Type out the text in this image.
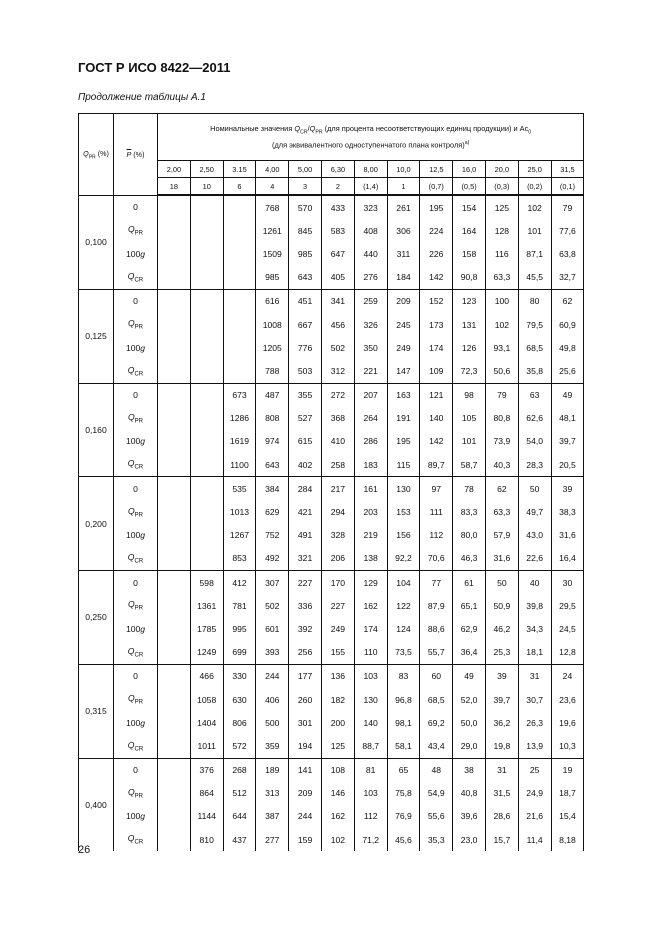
ГОСТ Р ИСО 8422—2011
Продолжение таблицы А.1
$Q_{PR}$ (%)	$\overline{P}$ (%)	Номинальные значения $Q_{CR}/Q_{PR}$ (для процента несоответствующих единиц продукции) и $Ac_0$
(для эквивалентного одноступенчатого плана контроля)$^{а)}$
		2,00	2,50	3.15	4,00	5,00	6,30	8,00	10,0	12,5	16,0	20,0	25,0	31,5
		18	10	6	4	3	2	(1,4)	1	(0,7)	(0,5)	(0,3)	(0,2)	(0,1)
0,100	0				768	570	433	323	261	195	154	125	102	79
	$Q_{PR}$				1261	845	583	408	306	224	164	128	101	77,6
	100g				1509	985	647	440	311	226	158	116	87,1	63,8
	$Q_{CR}$				985	643	405	276	184	142	90,8	63,3	45,5	32,7
0,125	0				616	451	341	259	209	152	123	100	80	62
	$Q_{PR}$				1008	667	456	326	245	173	131	102	79,5	60,9
	100g				1205	776	502	350	249	174	126	93,1	68,5	49,8
	$Q_{CR}$				788	503	312	221	147	109	72,3	50,6	35,8	25,6
0,160	0			673	487	355	272	207	163	121	98	79	63	49
	$Q_{PR}$			1286	808	527	368	264	191	140	105	80,8	62,6	48,1
	100g			1619	974	615	410	286	195	142	101	73,9	54,0	39,7
	$Q_{CR}$			1100	643	402	258	183	115	89,7	58,7	40,3	28,3	20,5
0,200	0			535	384	284	217	161	130	97	78	62	50	39
	$Q_{PR}$			1013	629	421	294	203	153	111	83,3	63,3	49,7	38,3
	100g			1267	752	491	328	219	156	112	80,0	57,9	43,0	31,6
	$Q_{CR}$			853	492	321	206	138	92,2	70,6	46,3	31,6	22,6	16,4
0,250	0		598	412	307	227	170	129	104	77	61	50	40	30
	$Q_{PR}$		1361	781	502	336	227	162	122	87,9	65,1	50,9	39,8	29,5
	100g		1785	995	601	392	249	174	124	88,6	62,9	46,2	34,3	24,5
	$Q_{CR}$		1249	699	393	256	155	110	73,5	55,7	36,4	25,3	18,1	12,8
0,315	0		466	330	244	177	136	103	83	60	49	39	31	24
	$Q_{PR}$		1058	630	406	260	182	130	96,8	68,5	52,0	39,7	30,7	23,6
	100g		1404	806	500	301	200	140	98,1	69,2	50,0	36,2	26,3	19,6
	$Q_{CR}$		1011	572	359	194	125	88,7	58,1	43,4	29,0	19,8	13,9	10,3
0,400	0		376	268	189	141	108	81	65	48	38	31	25	19
	$Q_{PR}$		864	512	313	209	146	103	75,8	54,9	40,8	31,5	24,9	18,7
	100g		1144	644	387	244	162	112	76,9	55,6	39,6	28,6	21,6	15,4
	$Q_{CR}$		810	437	277	159	102	71,2	45,6	35,3	23,0	15,7	11,4	8,18
26
